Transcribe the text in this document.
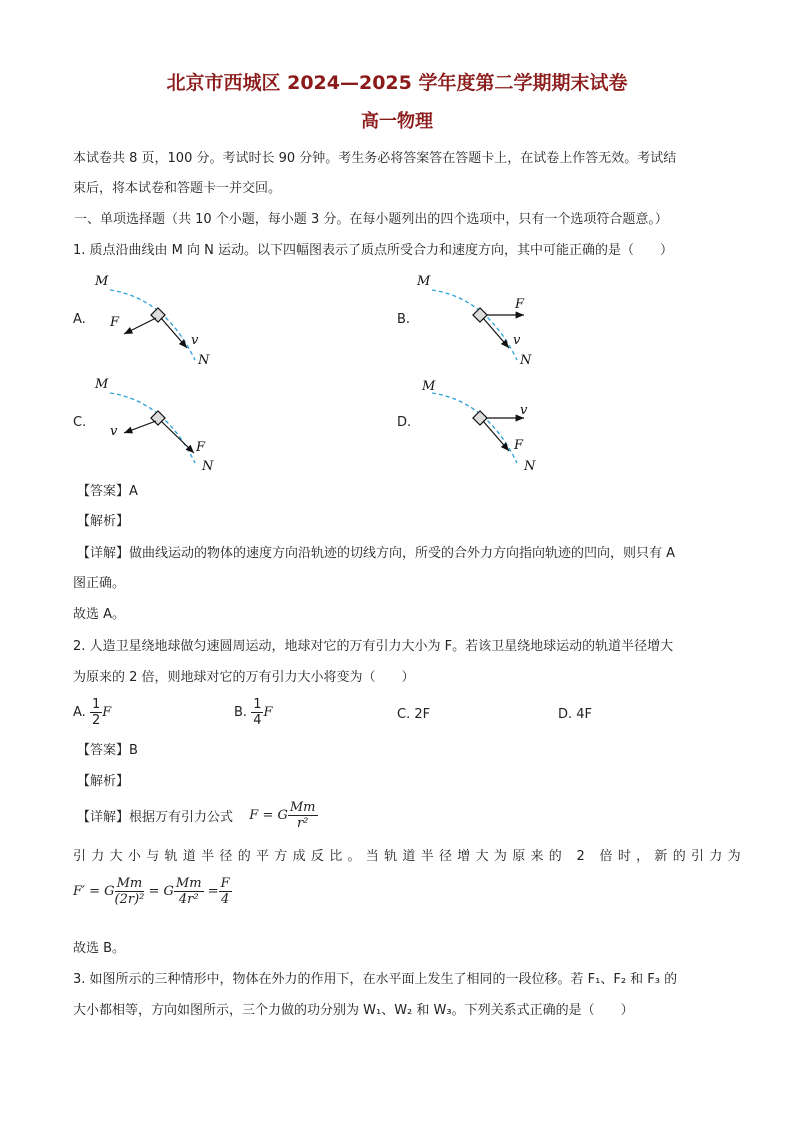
北京市西城区 2024—2025 学年度第二学期期末试卷
高一物理
本试卷共 8 页，100 分。考试时长 90 分钟。考生务必将答案答在答题卡上，在试卷上作答无效。考试结
束后，将本试卷和答题卡一并交回。
一、单项选择题（共 10 个小题，每小题 3 分。在每小题列出的四个选项中，只有一个选项符合题意。）
1. 质点沿曲线由 M 向 N 运动。以下四幅图表示了质点所受合力和速度方向，其中可能正确的是（　　）
A.
M
N
F
v
B.
M
N
F
v
C.
M
N
v
F
D.
M
N
v
F
【答案】A
【解析】
【详解】做曲线运动的物体的速度方向沿轨迹的切线方向，所受的合外力方向指向轨迹的凹向，则只有 A
图正确。
故选 A。
2. 人造卫星绕地球做匀速圆周运动，地球对它的万有引力大小为 F。若该卫星绕地球运动的轨道半径增大
为原来的 2 倍，则地球对它的万有引力大小将变为（　　）
A. $\frac{1}{2}$ F	B. $\frac{1}{4}$ F	C. 2F	D. 4F
【答案】B
【解析】
【详解】根据万有引力公式 F = G $\frac{Mm}{\text{r²}}$
引力大小与轨道半径的平方成反比。当轨道半径增大为原来的 2 倍时，新的引力为
F′ = G $\frac{Mm}{\text{(2r)²}} = G \frac{Mm}{\text{4r²}} = \frac{F}{4}$
故选 B。
3. 如图所示的三种情形中，物体在外力的作用下，在水平面上发生了相同的一段位移。若 F₁、F₂ 和 F₃ 的
大小都相等，方向如图所示，三个力做的功分别为 W₁、W₂ 和 W₃。下列关系式正确的是（　　）
